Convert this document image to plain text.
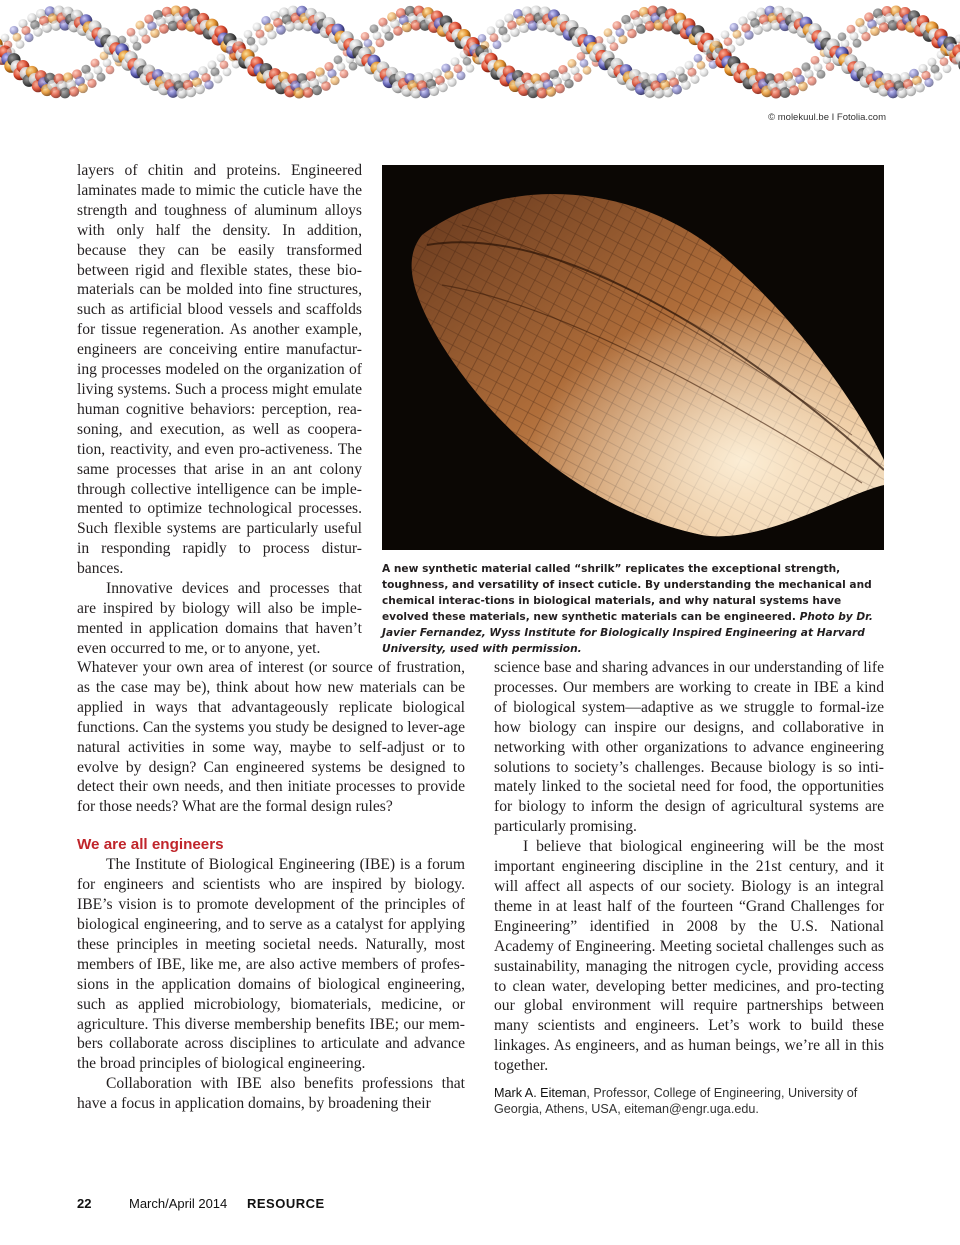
© molekuul.be I Fotolia.com

layers of chitin and proteins. Engineered laminates made to mimic the cuticle have the strength and toughness of aluminum alloys with only half the density. In addition, because they can be easily transformed between rigid and flexible states, these bio-materials can be molded into fine structures, such as artificial blood vessels and scaffolds for tissue regeneration. As another example, engineers are conceiving entire manufactur-ing processes modeled on the organization of living systems. Such a process might emulate human cognitive behaviors: perception, rea-soning, and execution, as well as coopera-tion, reactivity, and even pro-activeness. The same processes that arise in an ant colony through collective intelligence can be imple-mented to optimize technological processes. Such flexible systems are particularly useful in responding rapidly to process distur-bances.

Innovative devices and processes that are inspired by biology will also be imple-mented in application domains that haven’t even occurred to me, or to anyone, yet.

A new synthetic material called “shrilk” replicates the exceptional strength, toughness, and versatility of insect cuticle. By understanding the mechanical and chemical interac-tions in biological materials, and why natural systems have evolved these materials, new synthetic materials can be engineered. Photo by Dr. Javier Fernandez, Wyss Institute for Biologically Inspired Engineering at Harvard University, used with permission.

Whatever your own area of interest (or source of frustration, as the case may be), think about how new materials can be applied in ways that advantageously replicate biological functions. Can the systems you study be designed to lever-age natural activities in some way, maybe to self-adjust or to evolve by design? Can engineered systems be designed to detect their own needs, and then initiate processes to provide for those needs? What are the formal design rules?

We are all engineers

The Institute of Biological Engineering (IBE) is a forum for engineers and scientists who are inspired by biology. IBE’s vision is to promote development of the principles of biological engineering, and to serve as a catalyst for applying these principles in meeting societal needs. Naturally, most members of IBE, like me, are also active members of profes-sions in the application domains of biological engineering, such as applied microbiology, biomaterials, medicine, or agriculture. This diverse membership benefits IBE; our mem-bers collaborate across disciplines to articulate and advance the broad principles of biological engineering.

Collaboration with IBE also benefits professions that have a focus in application domains, by broadening their

science base and sharing advances in our understanding of life processes. Our members are working to create in IBE a kind of biological system—adaptive as we struggle to formal-ize how biology can inspire our designs, and collaborative in networking with other organizations to advance engineering solutions to society’s challenges. Because biology is so inti-mately linked to the societal need for food, the opportunities for biology to inform the design of agricultural systems are particularly promising.

I believe that biological engineering will be the most important engineering discipline in the 21st century, and it will affect all aspects of our society. Biology is an integral theme in at least half of the fourteen “Grand Challenges for Engineering” identified in 2008 by the U.S. National Academy of Engineering. Meeting societal challenges such as sustainability, managing the nitrogen cycle, providing access to clean water, developing better medicines, and pro-tecting our global environment will require partnerships between many scientists and engineers. Let’s work to build these linkages. As engineers, and as human beings, we’re all in this together.

Mark A. Eiteman, Professor, College of Engineering, University of Georgia, Athens, USA, eiteman@engr.uga.edu.
22	March/April 2014 RESOURCE
